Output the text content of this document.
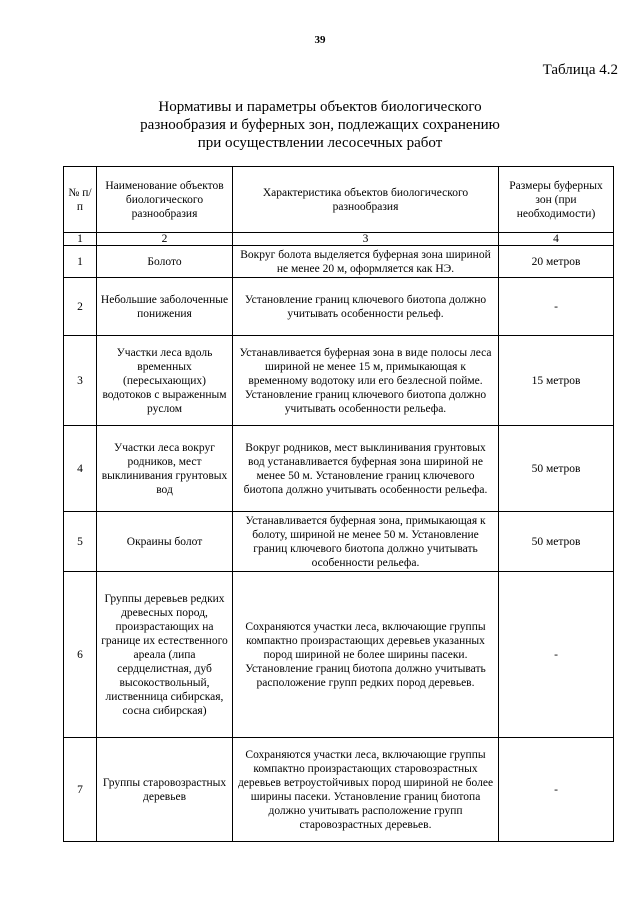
39
Таблица 4.2
Нормативы и параметры объектов биологического
разнообразия и буферных зон, подлежащих сохранению
при осуществлении лесосечных работ
№ п/п	Наименование объектов биологического разнообразия	Характеристика объектов биологического разнообразия	Размеры буферных зон (при необходимости)
1	2	3	4
1	Болото	Вокруг болота выделяется буферная зона шириной не менее 20 м, оформляется как НЭ.	20 метров
2	Небольшие заболоченные понижения	Установление границ ключевого биотопа должно учитывать особенности рельеф.	-
3	Участки леса вдоль временных (пересыхающих) водотоков с выраженным руслом	Устанавливается буферная зона в виде полосы леса шириной не менее 15 м, примыкающая к временному водотоку или его безлесной пойме. Установление границ ключевого биотопа должно учитывать особенности рельефа.	15 метров
4	Участки леса вокруг родников, мест выклинивания грунтовых вод	Вокруг родников, мест выклинивания грунтовых вод устанавливается буферная зона шириной не менее 50 м. Установление границ ключевого биотопа должно учитывать особенности рельефа.	50 метров
5	Окраины болот	Устанавливается буферная зона, примыкающая к болоту, шириной не менее 50 м. Установление границ ключевого биотопа должно учитывать особенности рельефа.	50 метров
6	Группы деревьев редких древесных пород, произрастающих на границе их естественного ареала (липа сердцелистная, дуб высокоствольный, лиственница сибирская, сосна сибирская)	Сохраняются участки леса, включающие группы компактно произрастающих деревьев указанных пород шириной не более ширины пасеки. Установление границ биотопа должно учитывать расположение групп редких пород деревьев.	-
7	Группы старовозрастных деревьев	Сохраняются участки леса, включающие группы компактно произрастающих старовозрастных деревьев ветроустойчивых пород шириной не более ширины пасеки. Установление границ биотопа должно учитывать расположение групп старовозрастных деревьев.	-
